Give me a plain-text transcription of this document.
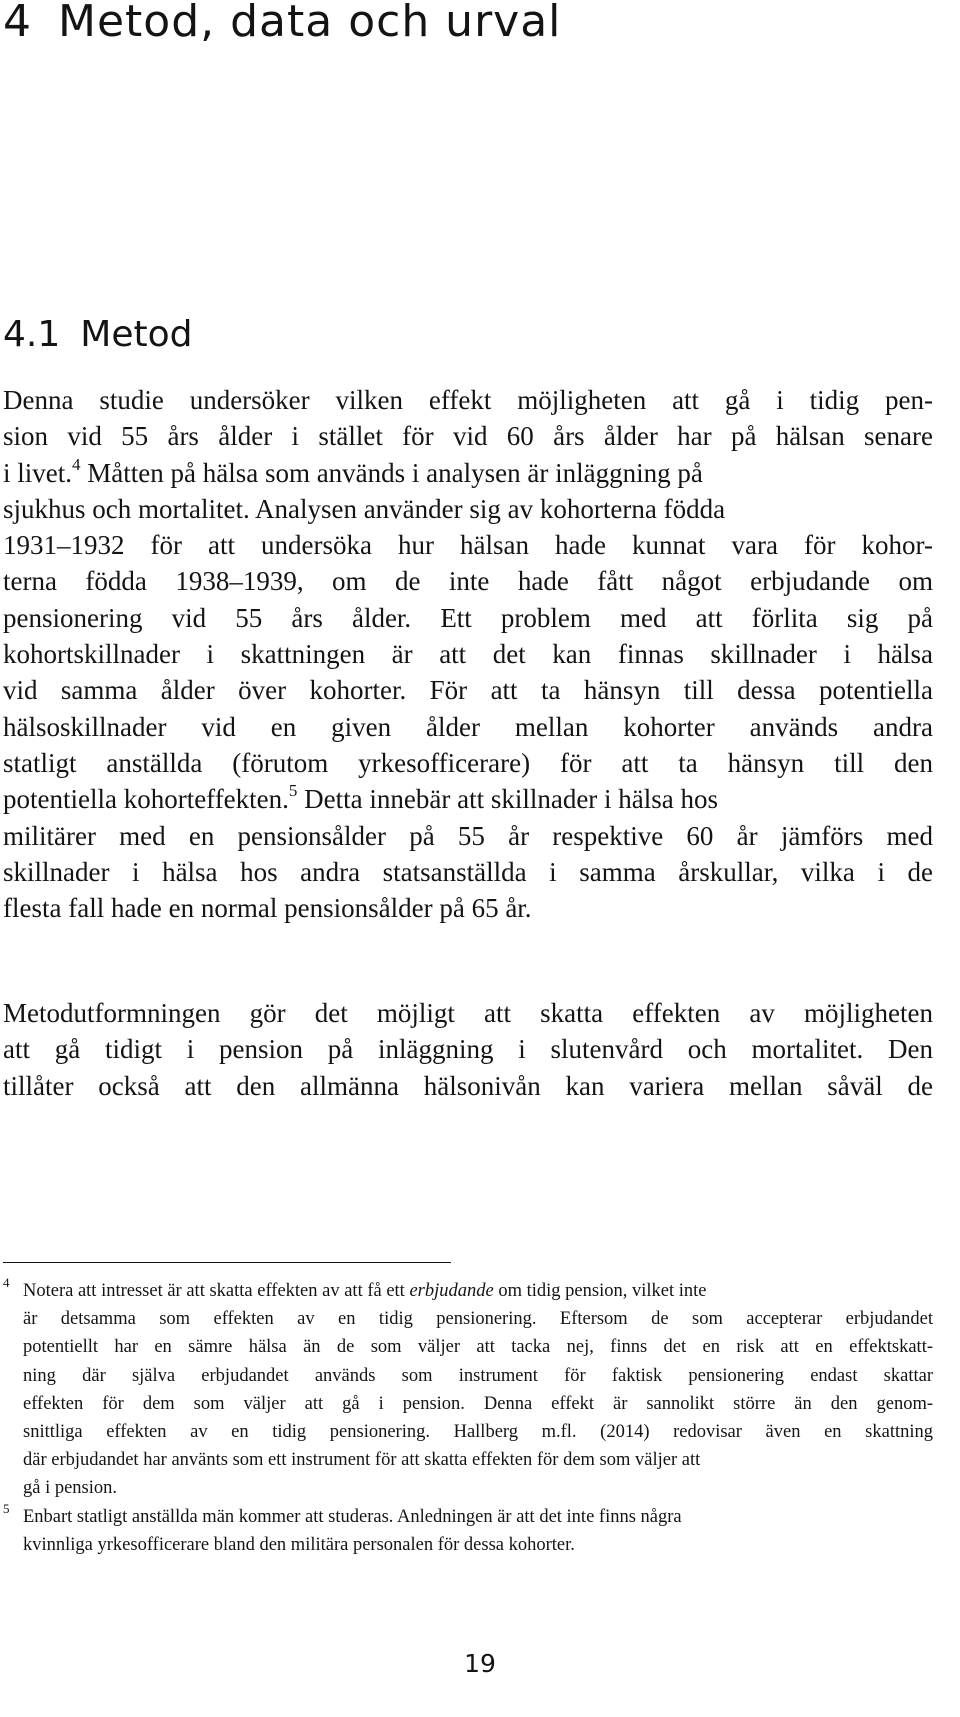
4 Metod, data och urval
4.1 Metod
Denna studie undersöker vilken effekt möjligheten att gå i tidig pen-
sion vid 55 års ålder i stället för vid 60 års ålder har på hälsan senare
i livet.$^4$ Måtten på hälsa som används i analysen är inläggning på
sjukhus och mortalitet. Analysen använder sig av kohorterna födda
1931–1932 för att undersöka hur hälsan hade kunnat vara för kohor-
terna födda 1938–1939, om de inte hade fått något erbjudande om
pensionering vid 55 års ålder. Ett problem med att förlita sig på
kohortskillnader i skattningen är att det kan finnas skillnader i hälsa
vid samma ålder över kohorter. För att ta hänsyn till dessa potentiella
hälsoskillnader vid en given ålder mellan kohorter används andra
statligt anställda (förutom yrkesofficerare) för att ta hänsyn till den
potentiella kohorteffekten.$^5$ Detta innebär att skillnader i hälsa hos
militärer med en pensionsålder på 55 år respektive 60 år jämförs med
skillnader i hälsa hos andra statsanställda i samma årskullar, vilka i de
flesta fall hade en normal pensionsålder på 65 år.
Metodutformningen gör det möjligt att skatta effekten av möjligheten
att gå tidigt i pension på inläggning i slutenvård och mortalitet. Den
tillåter också att den allmänna hälsonivån kan variera mellan såväl de
4 Notera att intresset är att skatta effekten av att få ett erbjudande om tidig pension, vilket inte
är detsamma som effekten av en tidig pensionering. Eftersom de som accepterar erbjudandet
potentiellt har en sämre hälsa än de som väljer att tacka nej, finns det en risk att en effektskatt-
ning där själva erbjudandet används som instrument för faktisk pensionering endast skattar
effekten för dem som väljer att gå i pension. Denna effekt är sannolikt större än den genom-
snittliga effekten av en tidig pensionering. Hallberg m.fl. (2014) redovisar även en skattning
där erbjudandet har använts som ett instrument för att skatta effekten för dem som väljer att
gå i pension.
5 Enbart statligt anställda män kommer att studeras. Anledningen är att det inte finns några
kvinnliga yrkesofficerare bland den militära personalen för dessa kohorter.
19
